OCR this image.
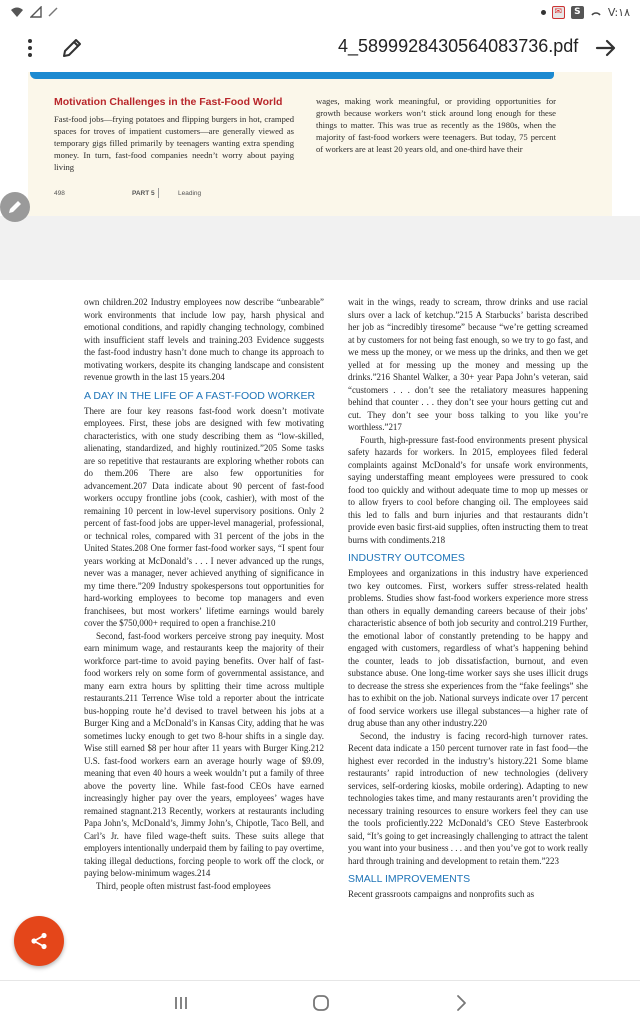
✉	S V:١٨
4_5899928430564083736.pdf
Motivation Challenges in the Fast-Food World
Fast-food jobs—frying potatoes and flipping burgers in hot, cramped spaces for troves of impatient customers—are generally viewed as temporary gigs filled primarily by teenagers wanting extra spending money. In turn, fast-food companies needn’t worry about paying living
wages, making work meaningful, or providing opportunities for growth because workers won’t stick around long enough for these things to matter. This was true as recently as the 1980s, when the majority of fast-food workers were teenagers. But today, 75 percent of workers are at least 20 years old, and one-third have their
498	PART 5	Leading

own children.202 Industry employees now describe “unbearable” work environments that include low pay, harsh physical and emotional conditions, and rapidly changing technology, combined with insufficient staff levels and training.203 Evidence suggests the fast-food industry hasn’t done much to change its approach to motivating workers, despite its changing landscape and consistent revenue growth in the last 15 years.204

A DAY IN THE LIFE OF A FAST-FOOD WORKER

There are four key reasons fast-food work doesn’t motivate employees. First, these jobs are designed with few motivating characteristics, with one study describing them as “low-skilled, alienating, standardized, and highly routinized.”205 Some tasks are so repetitive that restaurants are exploring whether robots can do them.206 There are also few opportunities for advancement.207 Data indicate about 90 percent of fast-food workers occupy frontline jobs (cook, cashier), with most of the remaining 10 percent in low-level supervisory positions. Only 2 percent of fast-food jobs are upper-level managerial, professional, or technical roles, compared with 31 percent of the jobs in the United States.208 One former fast-food worker says, “I spent four years working at McDonald’s . . . I never advanced up the rungs, never was a manager, never achieved anything of significance in my time there.”209 Industry spokespersons tout opportunities for hard-working employees to become top managers and even franchisees, but most workers’ lifetime earnings would barely cover the $750,000+ required to open a franchise.210

Second, fast-food workers perceive strong pay inequity. Most earn minimum wage, and restaurants keep the majority of their workforce part-time to avoid paying benefits. Over half of fast-food workers rely on some form of governmental assistance, and many earn extra hours by splitting their time across multiple restaurants.211 Terrence Wise told a reporter about the intricate bus-hopping route he’d devised to travel between his jobs at a Burger King and a McDonald’s in Kansas City, adding that he was sometimes lucky enough to get two 8-hour shifts in a single day. Wise still earned $8 per hour after 11 years with Burger King.212 U.S. fast-food workers earn an average hourly wage of $9.09, meaning that even 40 hours a week wouldn’t put a family of three above the poverty line. While fast-food CEOs have earned increasingly higher pay over the years, employees’ wages have remained stagnant.213 Recently, workers at restaurants including Papa John’s, McDonald’s, Jimmy John’s, Chipotle, Taco Bell, and Carl’s Jr. have filed wage-theft suits. These suits allege that employers intentionally underpaid them by failing to pay overtime, taking illegal deductions, forcing people to work off the clock, or paying below-minimum wages.214

Third, people often mistrust fast-food employees

wait in the wings, ready to scream, throw drinks and use racial slurs over a lack of ketchup.”215 A Starbucks’ barista described her job as “incredibly tiresome” because “we’re getting screamed at by customers for not being fast enough, so we try to go fast, and we mess up the money, or we mess up the drinks, and then we get yelled at for messing up the money and messing up the drinks.”216 Shantel Walker, a 30+ year Papa John’s veteran, said “customers . . . don’t see the retaliatory measures happening behind that counter . . . they don’t see your hours getting cut and cut. They don’t see your boss talking to you like you’re worthless.”217

Fourth, high-pressure fast-food environments present physical safety hazards for workers. In 2015, employees filed federal complaints against McDonald’s for unsafe work environments, saying understaffing meant employees were pressured to cook food too quickly and without adequate time to mop up messes or to allow fryers to cool before changing oil. The employees said this led to falls and burn injuries and that restaurants didn’t provide even basic first-aid supplies, often instructing them to treat burns with condiments.218

INDUSTRY OUTCOMES

Employees and organizations in this industry have experienced two key outcomes. First, workers suffer stress-related health problems. Studies show fast-food workers experience more stress than others in equally demanding careers because of their jobs’ characteristic absence of both job security and control.219 Further, the emotional labor of constantly pretending to be happy and engaged with customers, regardless of what’s happening behind the counter, leads to job dissatisfaction, burnout, and even substance abuse. One long-time worker says she uses illicit drugs to decrease the stress she experiences from the “fake feelings” she has to exhibit on the job. National surveys indicate over 17 percent of food service workers use illegal substances—a higher rate of drug abuse than any other industry.220

Second, the industry is facing record-high turnover rates. Recent data indicate a 150 percent turnover rate in fast food—the highest ever recorded in the industry’s history.221 Some blame restaurants’ rapid introduction of new technologies (delivery services, self-ordering kiosks, mobile ordering). Adapting to new technologies takes time, and many restaurants aren’t providing the necessary training resources to ensure workers feel they can use the tools proficiently.222 McDonald’s CEO Steve Easterbrook said, “It’s going to get increasingly challenging to attract the talent you want into your business . . . and then you’ve got to work really hard through training and development to retain them.”223

SMALL IMPROVEMENTS

Recent grassroots campaigns and nonprofits such as
